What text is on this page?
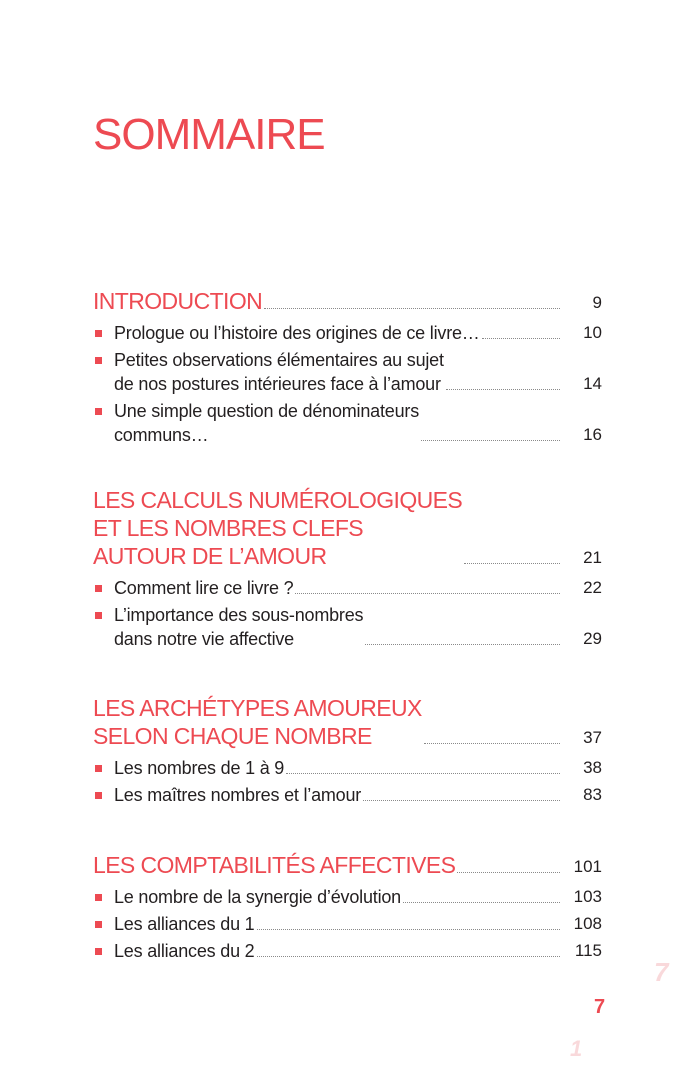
SOMMAIRE
INTRODUCTION	9
Prologue ou l’histoire des origines de ce livre…	10
Petites observations élémentaires au sujet
de nos postures intérieures face à l’amour	14
Une simple question de dénominateurs
communs…	16
LES CALCULS NUMÉROLOGIQUES
ET LES NOMBRES CLEFS
AUTOUR DE L’AMOUR	21
Comment lire ce livre ?	22
L’importance des sous-nombres
dans notre vie affective	29
LES ARCHÉTYPES AMOUREUX
SELON CHAQUE NOMBRE	37
Les nombres de 1 à 9	38
Les maîtres nombres et l’amour	83
LES COMPTABILITÉS AFFECTIVES	101
Le nombre de la synergie d’évolution	103
Les alliances du 1	108
Les alliances du 2	115
7
7
1
